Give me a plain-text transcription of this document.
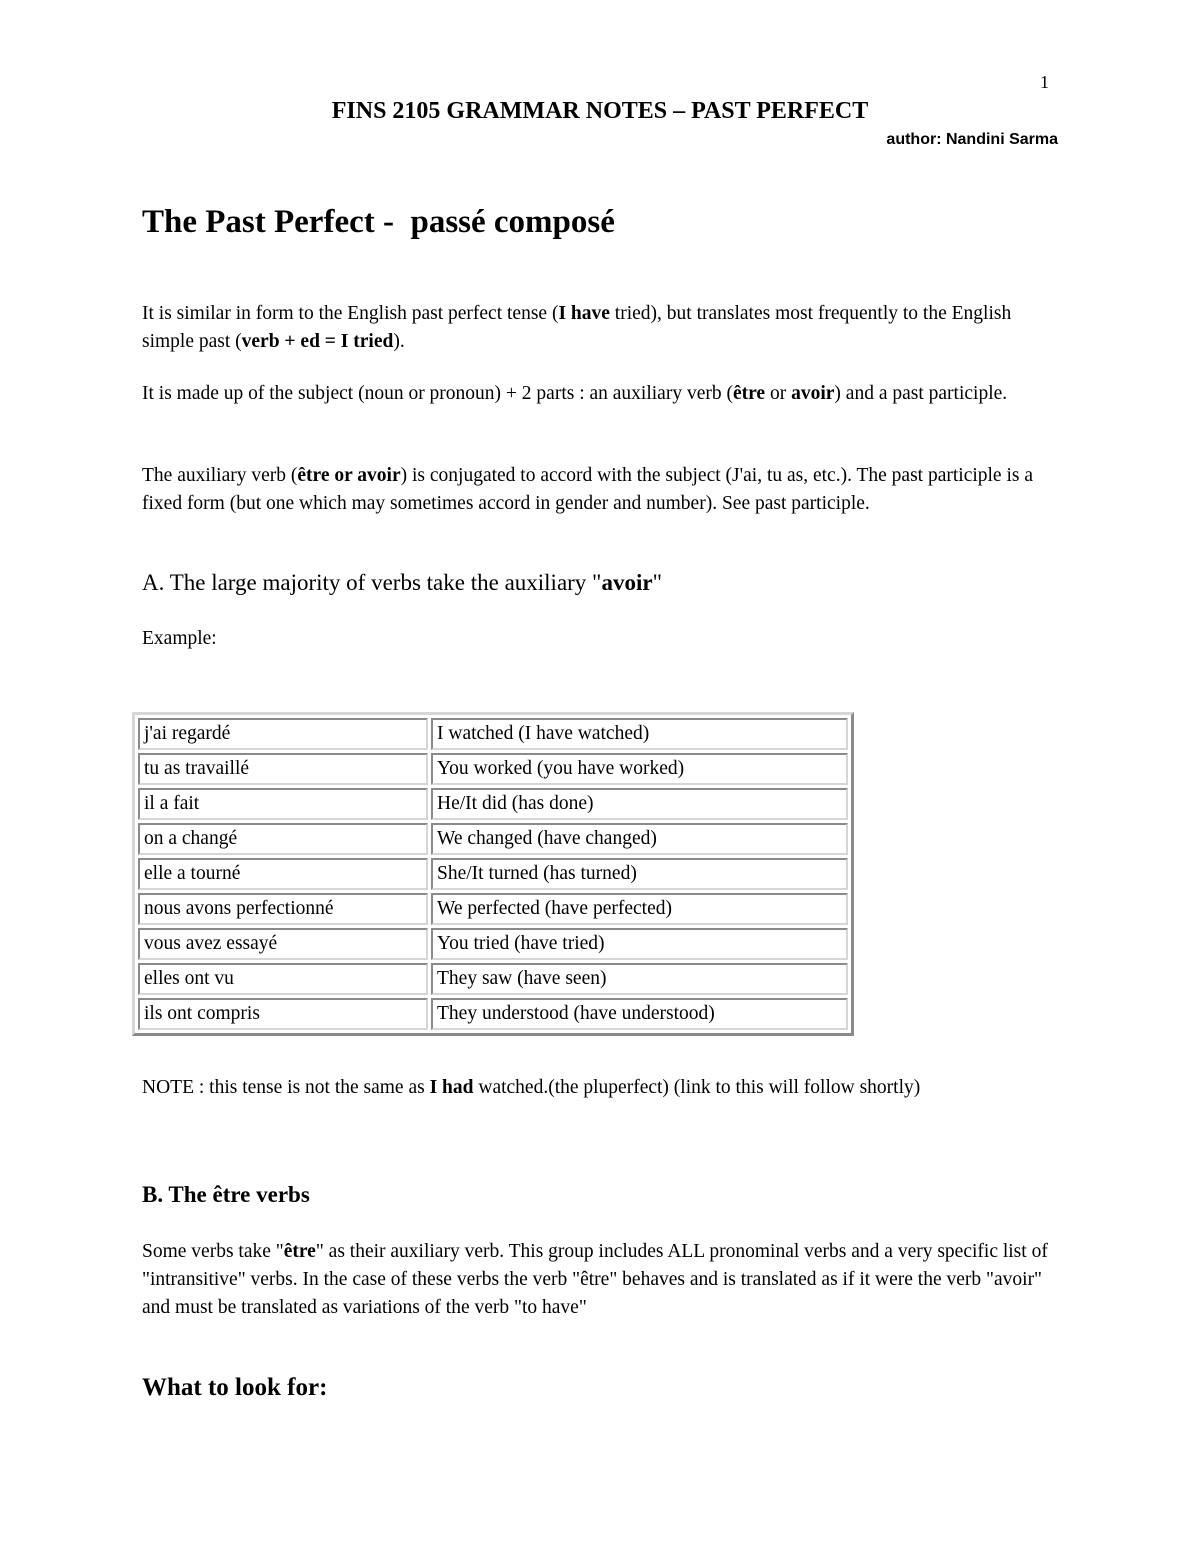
1
FINS 2105 GRAMMAR NOTES – PAST PERFECT
author: Nandini Sarma
The Past Perfect -  passé composé

It is similar in form to the English past perfect tense (I have tried), but translates most frequently to the English simple past (verb + ed = I tried).

It is made up of the subject (noun or pronoun) + 2 parts : an auxiliary verb (être or avoir) and a past participle.

The auxiliary verb (être or avoir) is conjugated to accord with the subject (J'ai, tu as, etc.). The past participle is a fixed form (but one which may sometimes accord in gender and number). See past participle.

A. The large majority of verbs take the auxiliary "avoir"
Example:
j'ai regardé	I watched (I have watched)
tu as travaillé	You worked (you have worked)
il a fait	He/It did (has done)
on a changé	We changed (have changed)
elle a tourné	She/It turned (has turned)
nous avons perfectionné	We perfected (have perfected)
vous avez essayé	You tried (have tried)
elles ont vu	They saw (have seen)
ils ont compris	They understood (have understood)

NOTE : this tense is not the same as I had watched.(the pluperfect) (link to this will follow shortly)

B. The être verbs

Some verbs take "être" as their auxiliary verb. This group includes ALL pronominal verbs and a very specific list of "intransitive" verbs. In the case of these verbs the verb "être" behaves and is translated as if it were the verb "avoir" and must be translated as variations of the verb "to have"

What to look for:
